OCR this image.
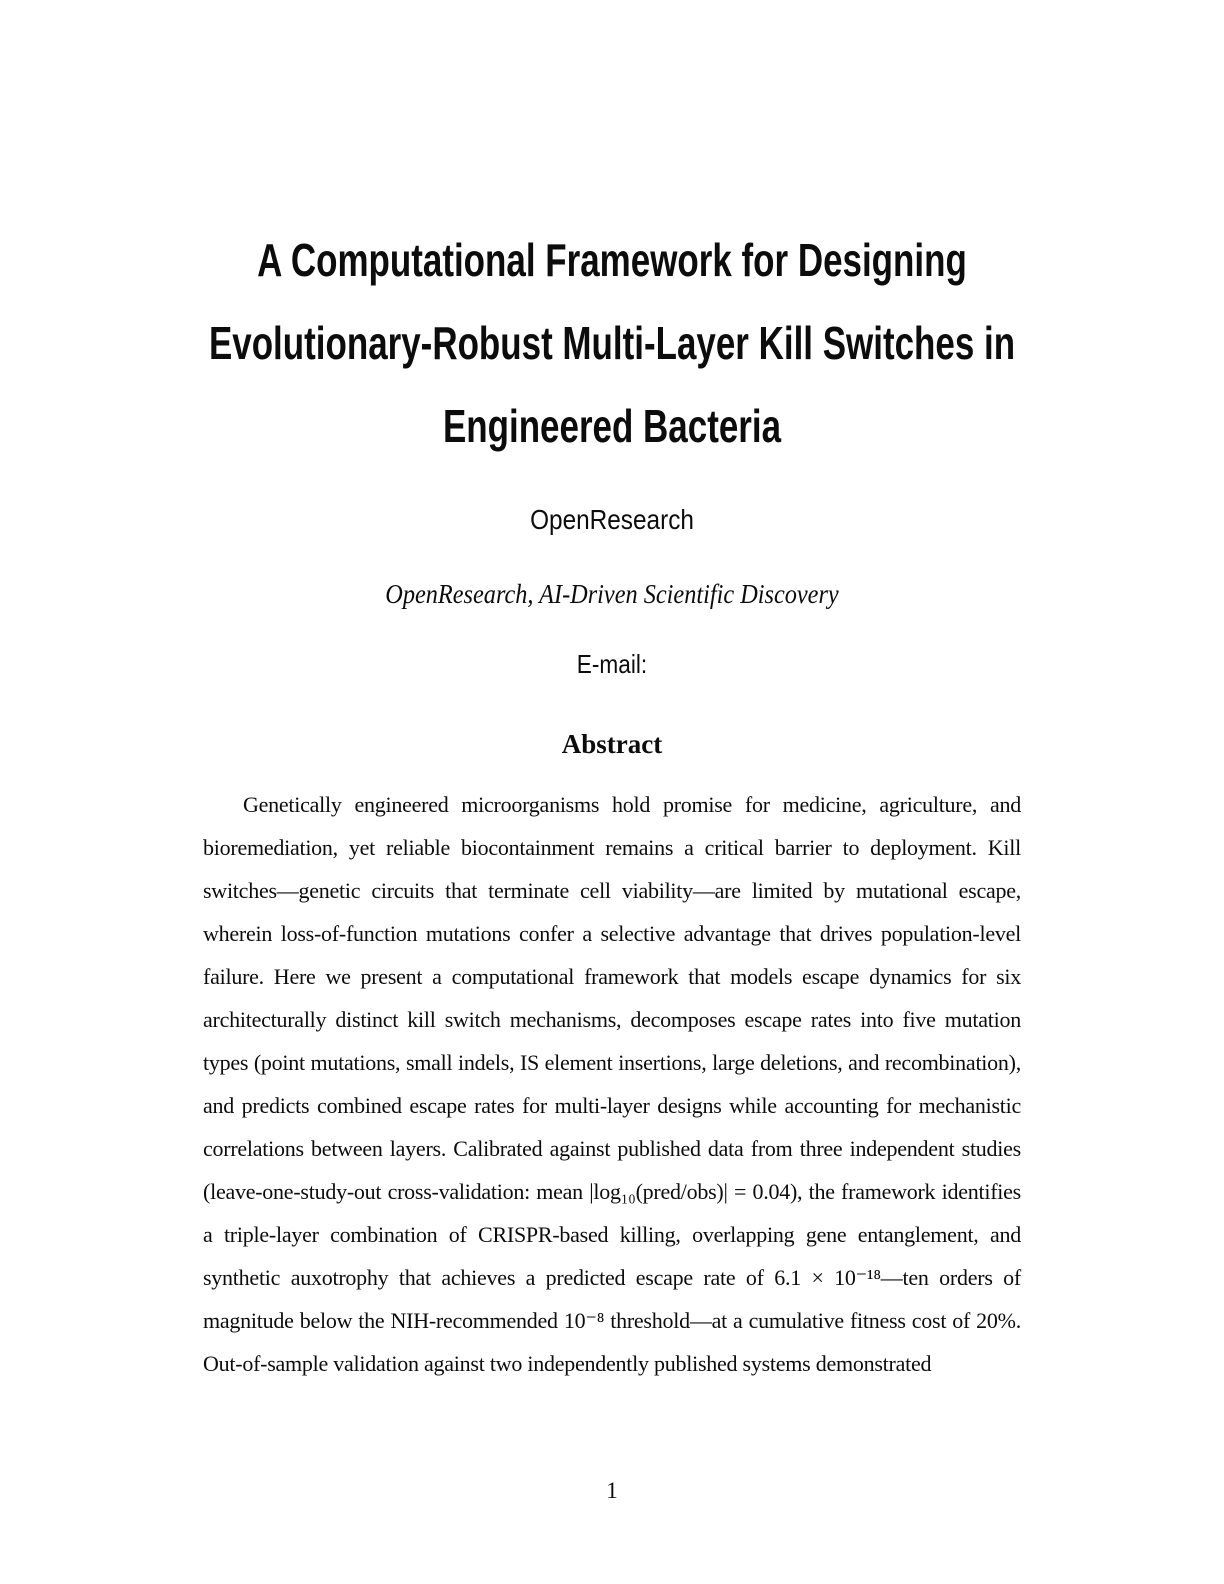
A Computational Framework for Designing
Evolutionary-Robust Multi-Layer Kill Switches in
Engineered Bacteria
OpenResearch
OpenResearch, AI-Driven Scientific Discovery
E-mail:
Abstract

Genetically engineered microorganisms hold promise for medicine, agriculture, and bioremediation, yet reliable biocontainment remains a critical barrier to deployment. Kill switches—genetic circuits that terminate cell viability—are limited by mutational escape, wherein loss-of-function mutations confer a selective advantage that drives population-level failure. Here we present a computational framework that models escape dynamics for six architecturally distinct kill switch mechanisms, decomposes escape rates into five mutation types (point mutations, small indels, IS element insertions, large deletions, and recombination), and predicts combined escape rates for multi-layer designs while accounting for mechanistic correlations between layers. Calibrated against published data from three independent studies (leave-one-study-out cross-validation: mean |log₁₀(pred/obs)| = 0.04), the framework identifies a triple-layer combination of CRISPR-based killing, overlapping gene entanglement, and synthetic auxotrophy that achieves a predicted escape rate of 6.1 × 10⁻¹⁸—ten orders of magnitude below the NIH-recommended 10⁻⁸ threshold—at a cumulative fitness cost of 20%. Out-of-sample validation against two independently published systems demonstrated

1
